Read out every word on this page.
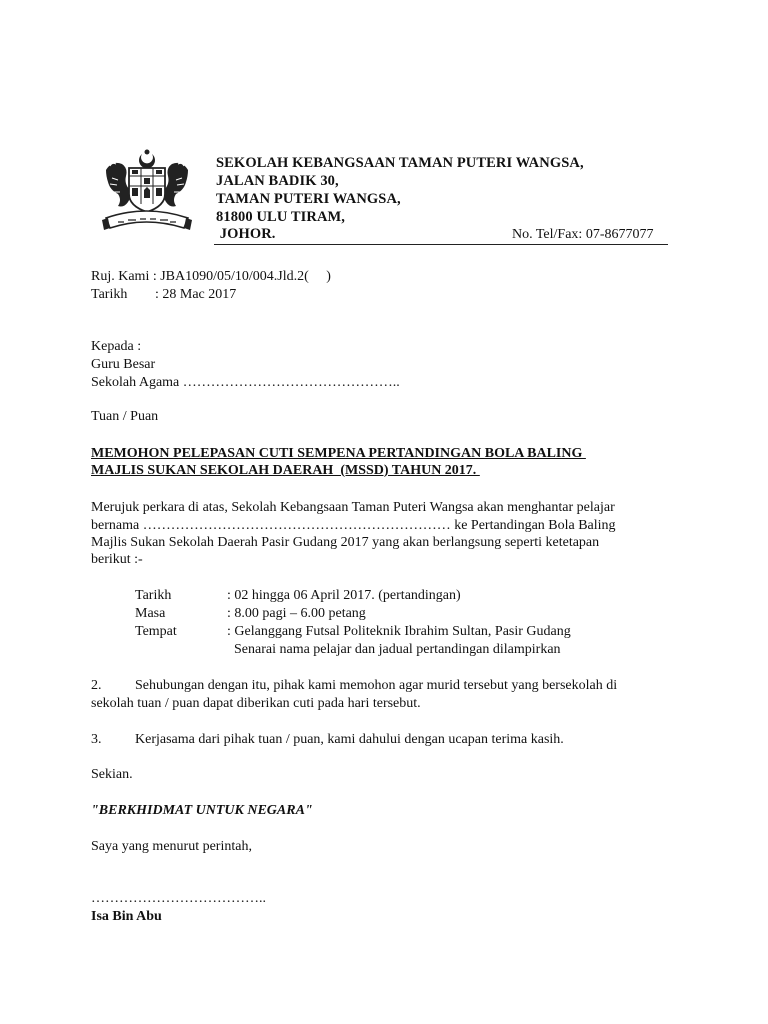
SEKOLAH KEBANGSAAN TAMAN PUTERI WANGSA,
JALAN BADIK 30,
TAMAN PUTERI WANGSA,
81800 ULU TIRAM,
JOHOR.	No. Tel/Fax: 07-8677077
Ruj. Kami : JBA1090/05/10/004.Jld.2(     )
Tarikh : 28 Mac 2017
Kepada :
Guru Besar
Sekolah Agama ………………………………………..
Tuan / Puan
MEMOHON PELEPASAN CUTI SEMPENA PERTANDINGAN BOLA BALING
MAJLIS SUKAN SEKOLAH DAERAH  (MSSD) TAHUN 2017.
Merujuk perkara di atas, Sekolah Kebangsaan Taman Puteri Wangsa akan menghantar pelajar
bernama ………………………………………………………… ke Pertandingan Bola Baling
Majlis Sukan Sekolah Daerah Pasir Gudang 2017 yang akan berlangsung seperti ketetapan
berikut :-
Tarikh	: 02 hingga 06 April 2017. (pertandingan)
Masa	: 8.00 pagi – 6.00 petang
Tempat	: Gelanggang Futsal Politeknik Ibrahim Sultan, Pasir Gudang
Senarai nama pelajar dan jadual pertandingan dilampirkan
2. Sehubungan dengan itu, pihak kami memohon agar murid tersebut yang bersekolah di
sekolah tuan / puan dapat diberikan cuti pada hari tersebut.
3. Kerjasama dari pihak tuan / puan, kami dahului dengan ucapan terima kasih.
Sekian.
"BERKHIDMAT UNTUK NEGARA"
Saya yang menurut perintah,
………………………………..
Isa Bin Abu
